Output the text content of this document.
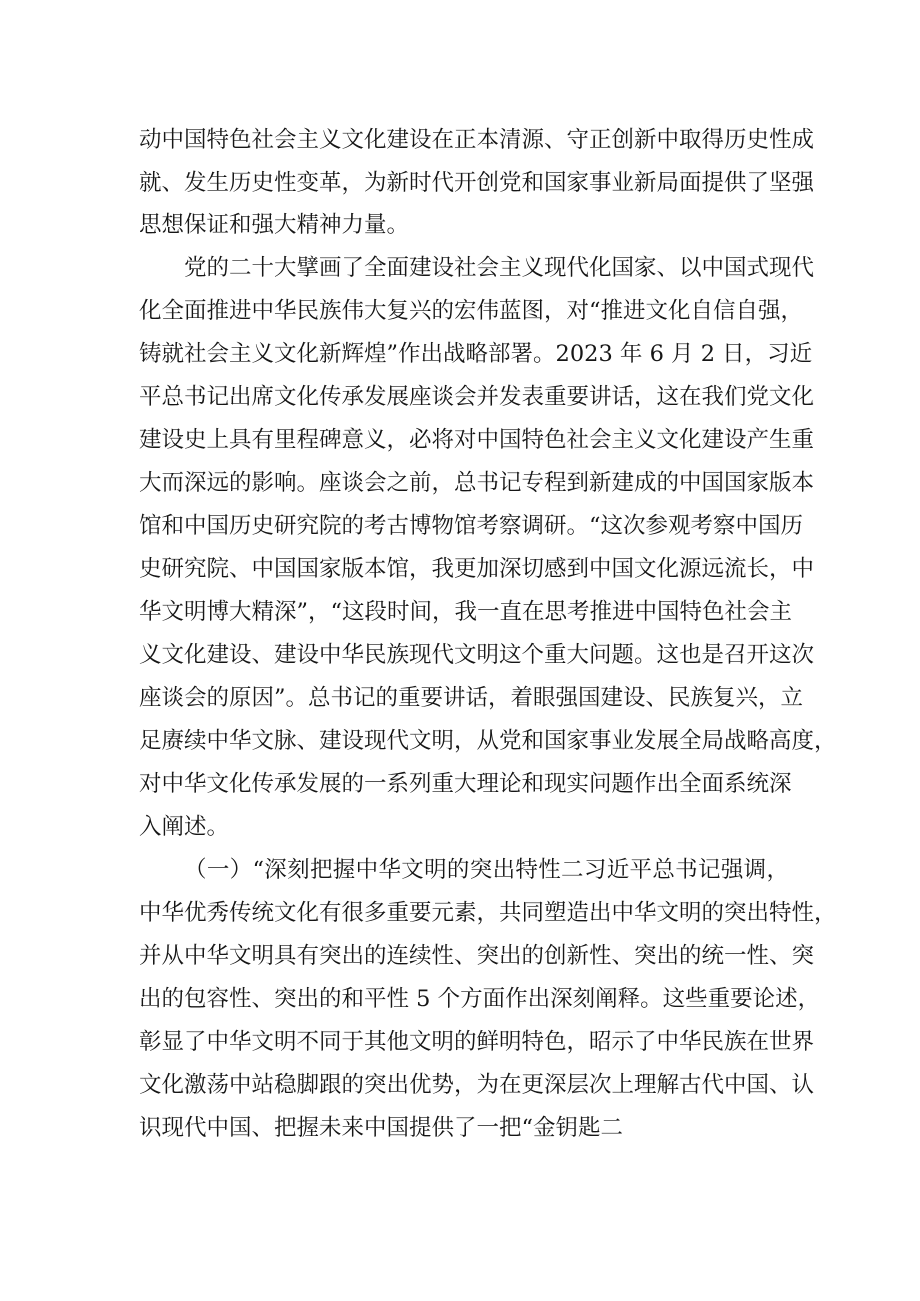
动中国特色社会主义文化建设在正本清源、守正创新中取得历史性成
就、发生历史性变革，为新时代开创党和国家事业新局面提供了坚强
思想保证和强大精神力量。
党的二十大擘画了全面建设社会主义现代化国家、以中国式现代
化全面推进中华民族伟大复兴的宏伟蓝图，对“推进文化自信自强，
铸就社会主义文化新辉煌”作出战略部署。2023 年 6 月 2 日，习近
平总书记出席文化传承发展座谈会并发表重要讲话，这在我们党文化
建设史上具有里程碑意义，必将对中国特色社会主义文化建设产生重
大而深远的影响。座谈会之前，总书记专程到新建成的中国国家版本
馆和中国历史研究院的考古博物馆考察调研。“这次参观考察中国历
史研究院、中国国家版本馆，我更加深切感到中国文化源远流长，中
华文明博大精深”，“这段时间，我一直在思考推进中国特色社会主
义文化建设、建设中华民族现代文明这个重大问题。这也是召开这次
座谈会的原因”。总书记的重要讲话，着眼强国建设、民族复兴，立
足赓续中华文脉、建设现代文明，从党和国家事业发展全局战略高度，
对中华文化传承发展的一系列重大理论和现实问题作出全面系统深
入阐述。
（一）“深刻把握中华文明的突出特性二习近平总书记强调，
中华优秀传统文化有很多重要元素，共同塑造出中华文明的突出特性，
并从中华文明具有突出的连续性、突出的创新性、突出的统一性、突
出的包容性、突出的和平性 5 个方面作出深刻阐释。这些重要论述，
彰显了中华文明不同于其他文明的鲜明特色，昭示了中华民族在世界
文化激荡中站稳脚跟的突出优势，为在更深层次上理解古代中国、认
识现代中国、把握未来中国提供了一把“金钥匙二
